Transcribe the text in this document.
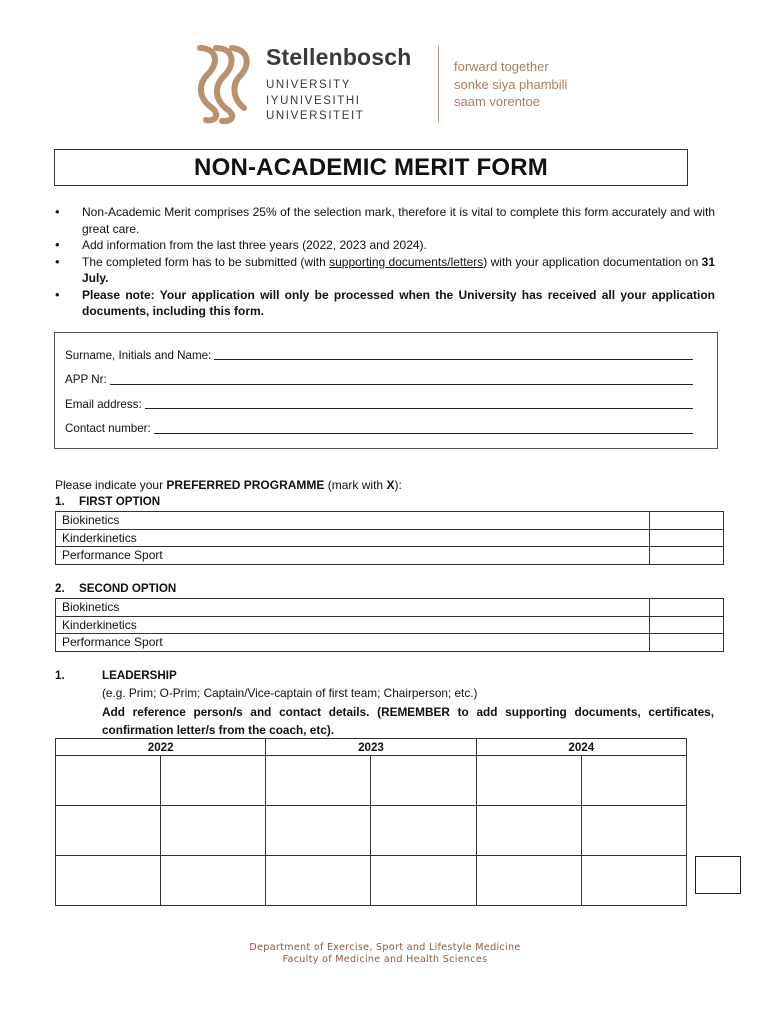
Stellenbosch
UNIVERSITY
IYUNIVESITHI
UNIVERSITEIT
forward together
sonke siya phambili
saam vorentoe
NON-ACADEMIC MERIT FORM
• Non-Academic Merit comprises 25% of the selection mark, therefore it is vital to complete this form accurately and with great care.
• Add information from the last three years (2022, 2023 and 2024).
• The completed form has to be submitted (with supporting documents/letters) with your application documentation on 31 July.
• Please note: Your application will only be processed when the University has received all your application documents, including this form.
Surname, Initials and Name:
APP Nr:
Email address:
Contact number:
Please indicate your PREFERRED PROGRAMME (mark with X):
1. FIRST OPTION
Biokinetics	
Kinderkinetics	
Performance Sport	
2. SECOND OPTION
Biokinetics	
Kinderkinetics	
Performance Sport	
1.	LEADERSHIP
(e.g. Prim; O-Prim; Captain/Vice-captain of first team; Chairperson; etc.)
Add reference person/s and contact details. (REMEMBER to add supporting documents, certificates, confirmation letter/s from the coach, etc).
2022		2023		2024	

Department of Exercise, Sport and Lifestyle Medicine
Faculty of Medicine and Health Sciences
